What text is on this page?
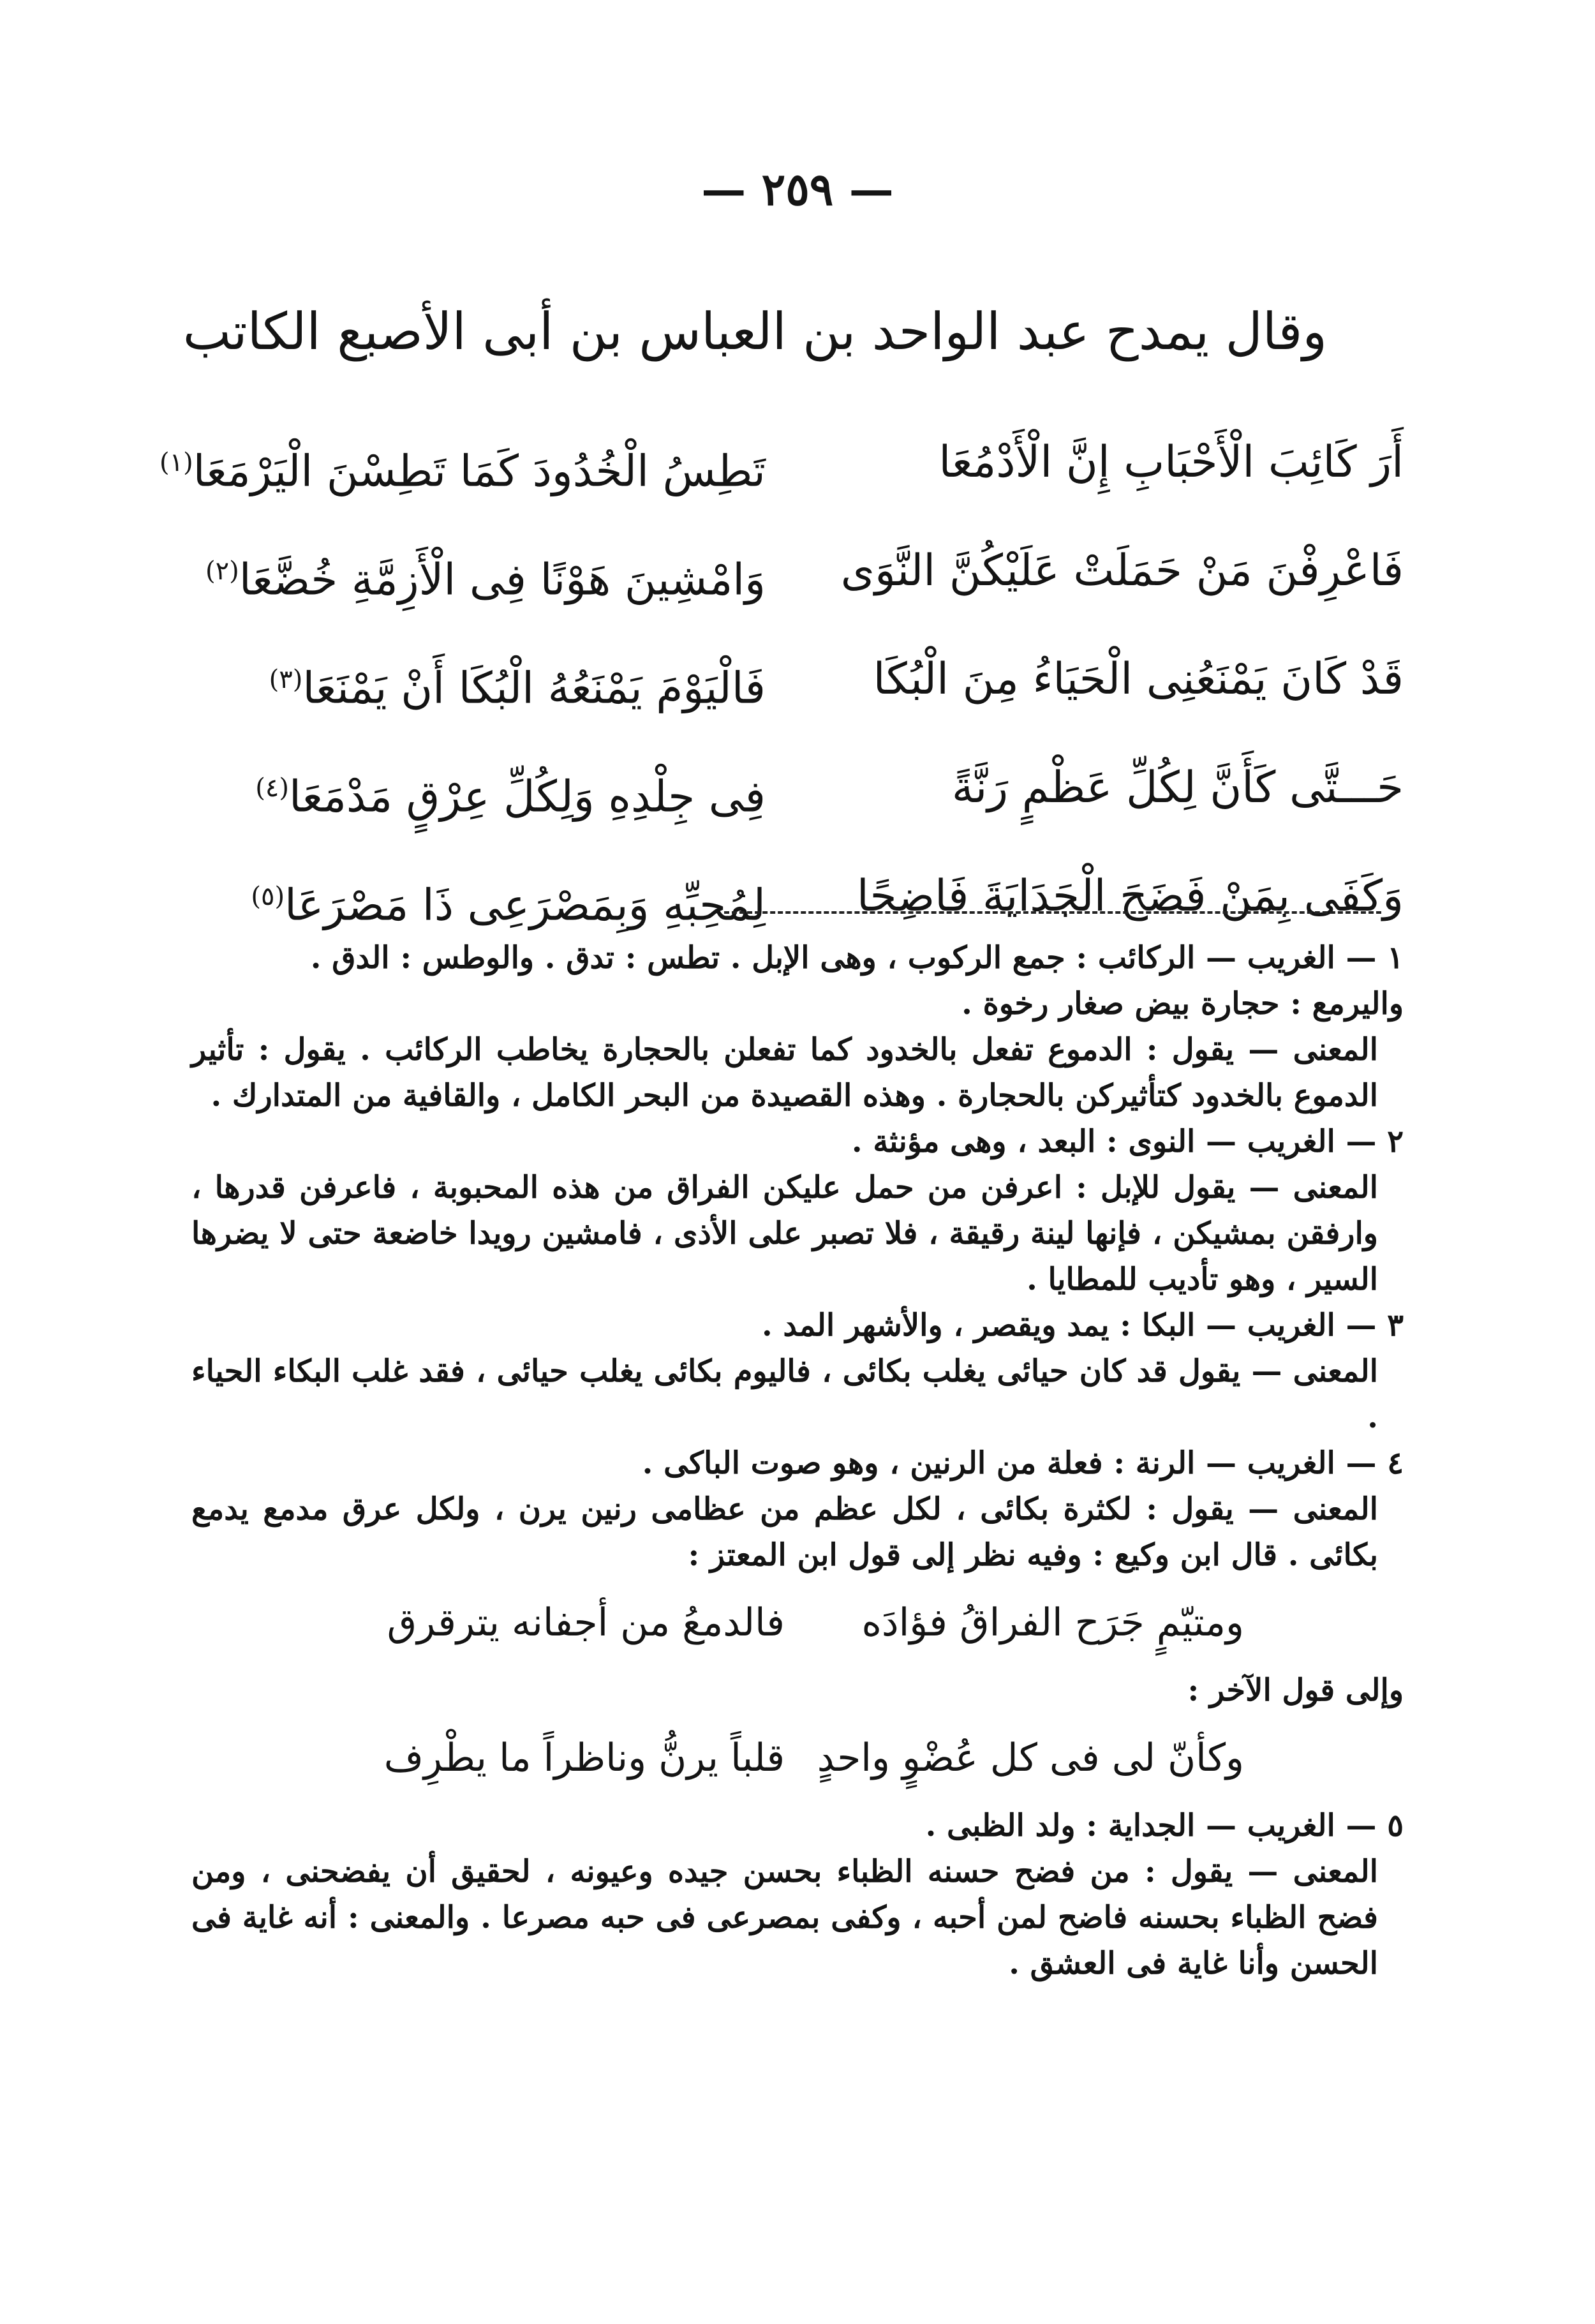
— ٢٥٩ —
وقال يمدح عبد الواحد بن العباس بن أبى الأصبع الكاتب
أَرَ كَائِبَ الْأَحْبَابِ إِنَّ الْأَدْمُعَا
تَطِسُ الْخُدُودَ كَمَا تَطِسْنَ الْيَرْمَعَا$^{(١)}$
فَاعْرِفْنَ مَنْ حَمَلَتْ عَلَيْكُنَّ النَّوَى
وَامْشِينَ هَوْنًا فِى الْأَزِمَّةِ خُضَّعَا$^{(٢)}$
قَدْ كَانَ يَمْنَعُنِى الْحَيَاءُ مِنَ الْبُكَا
فَالْيَوْمَ يَمْنَعُهُ الْبُكَا أَنْ يَمْنَعَا$^{(٣)}$
حَـــتَّى كَأَنَّ لِكُلِّ عَظْمٍ رَنَّةً
فِى جِلْدِهِ وَلِكُلِّ عِرْقٍ مَدْمَعَا$^{(٤)}$
وَكَفَى بِمَنْ فَضَحَ الْجَدَايَةَ فَاضِحًا
لِمُحِبِّهِ وَبِمَصْرَعِى ذَا مَصْرَعَا$^{(٥)}$

١ — الغريب — الركائب : جمع الركوب ، وهى الإبل . تطس : تدق . والوطس : الدق .

واليرمع : حجارة بيض صغار رخوة .

المعنى — يقول : الدموع تفعل بالخدود كما تفعلن بالحجارة يخاطب الركائب . يقول : تأثير الدموع بالخدود كتأثيركن بالحجارة . وهذه القصيدة من البحر الكامل ، والقافية من المتدارك .

٢ — الغريب — النوى : البعد ، وهى مؤنثة .

المعنى — يقول للإبل : اعرفن من حمل عليكن الفراق من هذه المحبوبة ، فاعرفن قدرها ، وارفقن بمشيكن ، فإنها لينة رقيقة ، فلا تصبر على الأذى ، فامشين رويدا خاضعة حتى لا يضرها السير ، وهو تأديب للمطايا .

٣ — الغريب — البكا : يمد ويقصر ، والأشهر المد .

المعنى — يقول قد كان حيائى يغلب بكائى ، فاليوم بكائى يغلب حيائى ، فقد غلب البكاء الحياء .

٤ — الغريب — الرنة : فعلة من الرنين ، وهو صوت الباكى .

المعنى — يقول : لكثرة بكائى ، لكل عظم من عظامى رنين يرن ، ولكل عرق مدمع يدمع بكائى . قال ابن وكيع : وفيه نظر إلى قول ابن المعتز :

ومتيّمٍ جَرَح الفراقُ فؤادَهفالدمعُ من أجفانه يترقرق

وإلى قول الآخر :

وكأنّ لى فى كل عُضْوٍ واحدٍقلباً يرنُّ وناظراً ما يطْرِف

٥ — الغريب — الجداية : ولد الظبى .

المعنى — يقول : من فضح حسنه الظباء بحسن جيده وعيونه ، لحقيق أن يفضحنى ، ومن فضح الظباء بحسنه فاضح لمن أحبه ، وكفى بمصرعى فى حبه مصرعا . والمعنى : أنه غاية فى الحسن وأنا غاية فى العشق .
